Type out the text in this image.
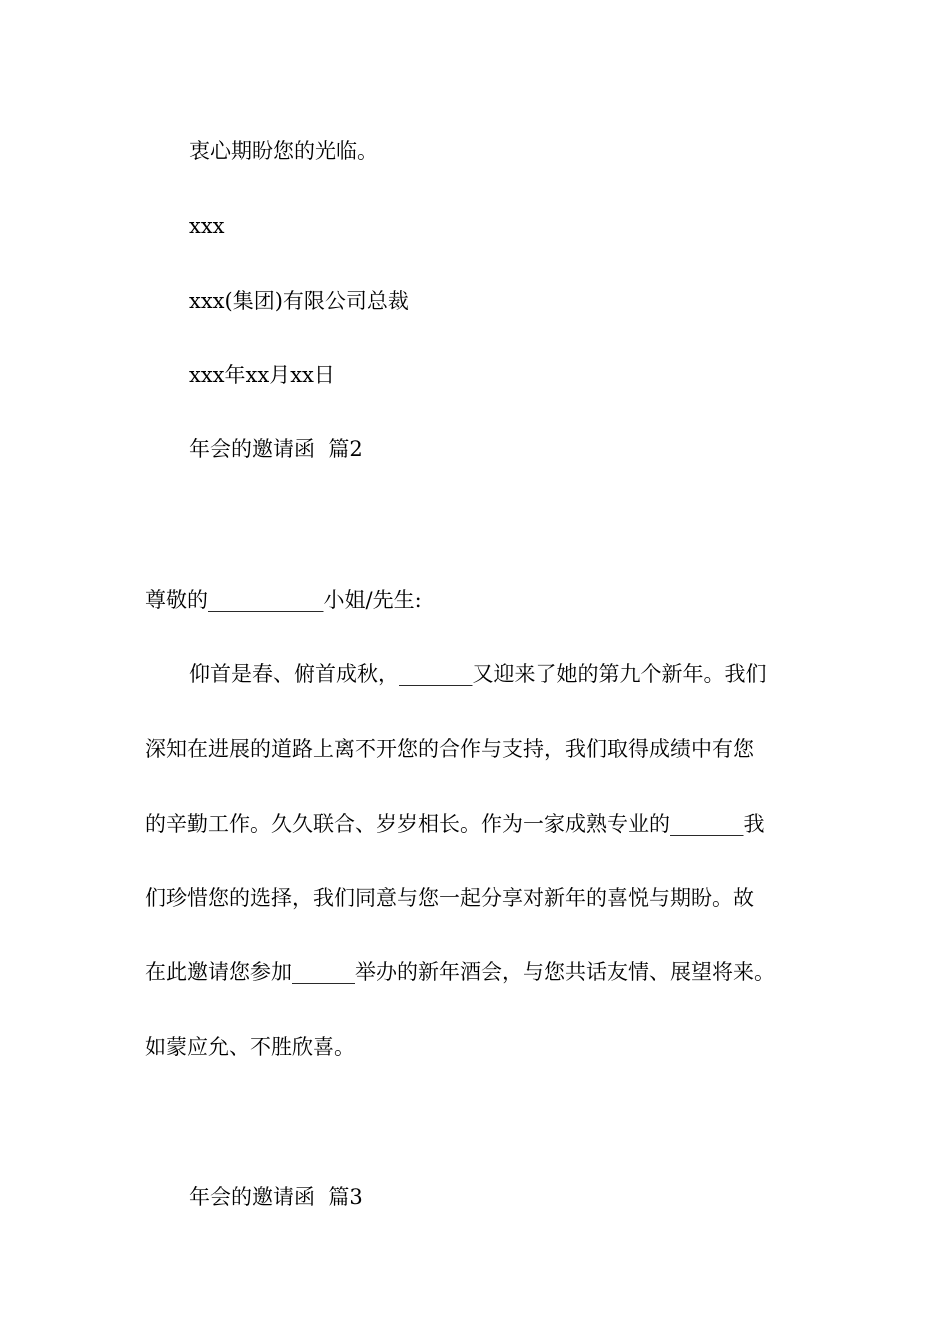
衷心期盼您的光临。
xxx
xxx(集团)有限公司总裁
xxx年xx月xx日
年会的邀请函  篇2
尊敬的___________小姐/先生:
仰首是春、俯首成秋，_______又迎来了她的第九个新年。我们
深知在进展的道路上离不开您的合作与支持，我们取得成绩中有您
的辛勤工作。久久联合、岁岁相长。作为一家成熟专业的_______我
们珍惜您的选择，我们同意与您一起分享对新年的喜悦与期盼。故
在此邀请您参加______举办的新年酒会，与您共话友情、展望将来。
如蒙应允、不胜欣喜。
年会的邀请函  篇3
